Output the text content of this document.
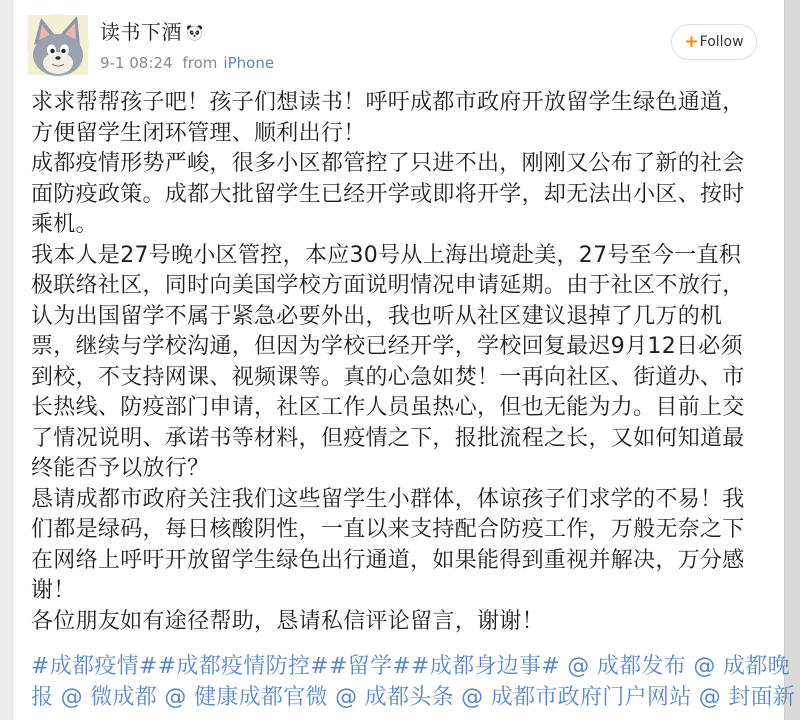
读书下酒
9-1 08:24 from iPhone
+ Follow
求求帮帮孩子吧！孩子们想读书！呼吁成都市政府开放留学生绿色通道，
方便留学生闭环管理、顺利出行！
成都疫情形势严峻，很多小区都管控了只进不出，刚刚又公布了新的社会
面防疫政策。成都大批留学生已经开学或即将开学，却无法出小区、按时
乘机。
我本人是27号晚小区管控，本应30号从上海出境赴美，27号至今一直积
极联络社区，同时向美国学校方面说明情况申请延期。由于社区不放行，
认为出国留学不属于紧急必要外出，我也听从社区建议退掉了几万的机
票，继续与学校沟通，但因为学校已经开学，学校回复最迟9月12日必须
到校，不支持网课、视频课等。真的心急如焚！一再向社区、街道办、市
长热线、防疫部门申请，社区工作人员虽热心，但也无能为力。目前上交
了情况说明、承诺书等材料，但疫情之下，报批流程之长，又如何知道最
终能否予以放行？
恳请成都市政府关注我们这些留学生小群体，体谅孩子们求学的不易！我
们都是绿码，每日核酸阴性，一直以来支持配合防疫工作，万般无奈之下
在网络上呼吁开放留学生绿色出行通道，如果能得到重视并解决，万分感
谢！
各位朋友如有途径帮助，恳请私信评论留言，谢谢！
#成都疫情##成都疫情防控##留学##成都身边事# @ 成都发布 @ 成都晚
报 @ 微成都 @ 健康成都官微 @ 成都头条 @ 成都市政府门户网站 @ 封面新
